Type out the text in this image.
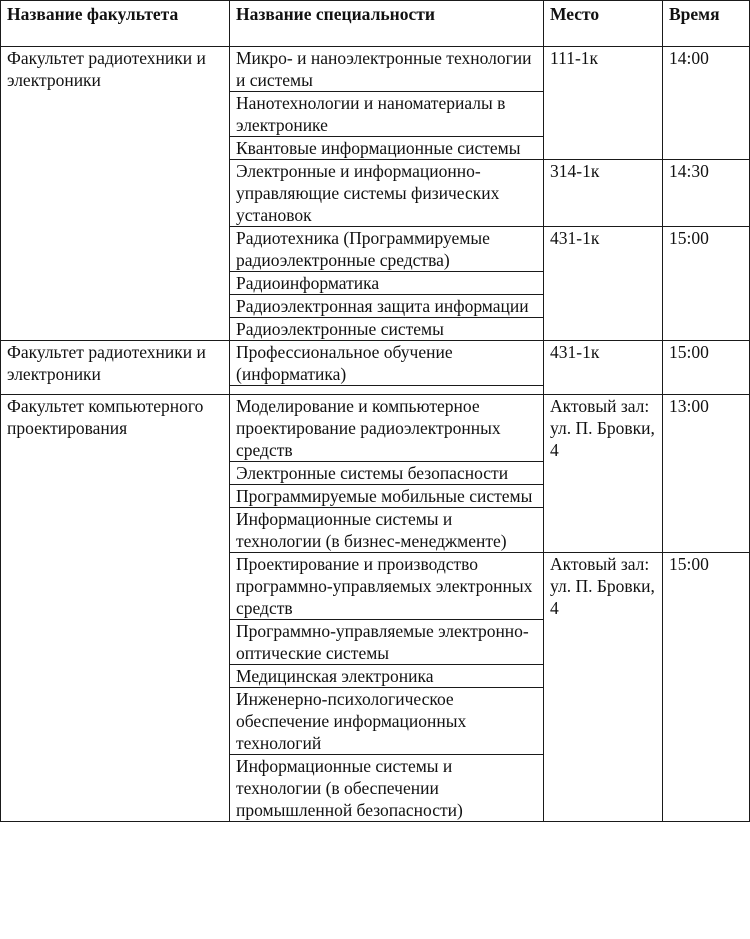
Название факультета	Название специальности	Место	Время
Факультет радиотехники и электроники	Микро- и наноэлектронные технологии и системы	111-1к	14:00
	Нанотехнологии и наноматериалы в электронике		
	Квантовые информационные системы		
	Электронные и информационно-управляющие системы физических установок	314-1к	14:30
	Радиотехника (Программируемые радиоэлектронные средства)	431-1к	15:00
	Радиоинформатика		
	Радиоэлектронная защита информации		
	Радиоэлектронные системы		
Факультет радиотехники и электроники	Профессиональное обучение (информатика)	431-1к	15:00

Факультет компьютерного проектирования	Моделирование и компьютерное проектирование радиоэлектронных средств	Актовый зал: ул. П. Бровки, 4	13:00
	Электронные системы безопасности		
	Программируемые мобильные системы		
	Информационные системы и технологии (в бизнес-менеджменте)		
	Проектирование и производство программно-управляемых электронных средств	Актовый зал: ул. П. Бровки, 4	15:00
	Программно-управляемые электронно-оптические системы		
	Медицинская электроника		
	Инженерно-психологическое обеспечение информационных технологий		
	Информационные системы и технологии (в обеспечении промышленной безопасности)		
